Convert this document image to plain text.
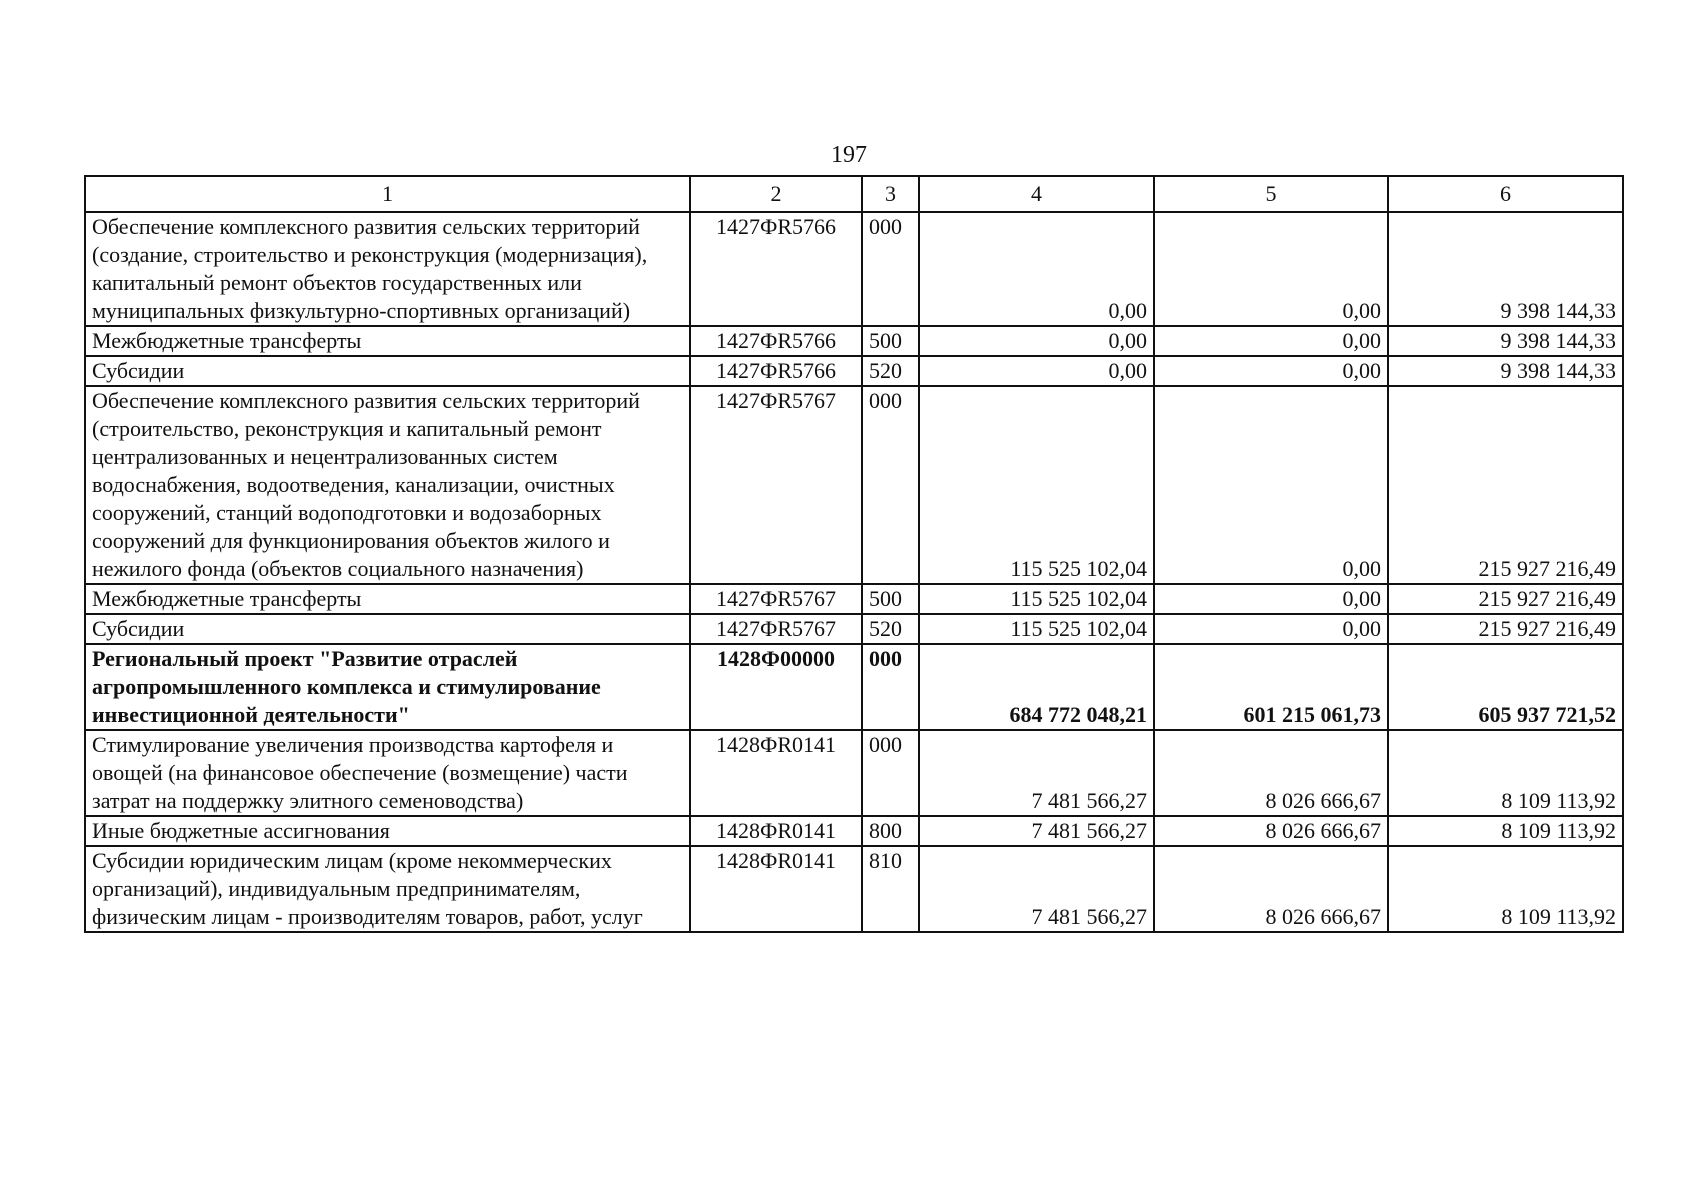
197
1	2	3	4	5	6
Обеспечение комплексного развития сельских территорий (создание, строительство и реконструкция (модернизация), капитальный ремонт объектов государственных или муниципальных физкультурно-спортивных организаций)	1427ФR5766	000	0,00	0,00	9 398 144,33
Межбюджетные трансферты	1427ФR5766	500	0,00	0,00	9 398 144,33
Субсидии	1427ФR5766	520	0,00	0,00	9 398 144,33
Обеспечение комплексного развития сельских территорий (строительство, реконструкция и капитальный ремонт централизованных и нецентрализованных систем водоснабжения, водоотведения, канализации, очистных сооружений, станций водоподготовки и водозаборных сооружений для функционирования объектов жилого и нежилого фонда (объектов социального назначения)	1427ФR5767	000	115 525 102,04	0,00	215 927 216,49
Межбюджетные трансферты	1427ФR5767	500	115 525 102,04	0,00	215 927 216,49
Субсидии	1427ФR5767	520	115 525 102,04	0,00	215 927 216,49
Региональный проект "Развитие отраслей агропромышленного комплекса и стимулирование инвестиционной деятельности"	1428Ф00000	000	684 772 048,21	601 215 061,73	605 937 721,52
Стимулирование увеличения производства картофеля и овощей (на финансовое обеспечение (возмещение) части затрат на поддержку элитного семеноводства)	1428ФR0141	000	7 481 566,27	8 026 666,67	8 109 113,92
Иные бюджетные ассигнования	1428ФR0141	800	7 481 566,27	8 026 666,67	8 109 113,92
Субсидии юридическим лицам (кроме некоммерческих организаций), индивидуальным предпринимателям, физическим лицам - производителям товаров, работ, услуг	1428ФR0141	810	7 481 566,27	8 026 666,67	8 109 113,92
